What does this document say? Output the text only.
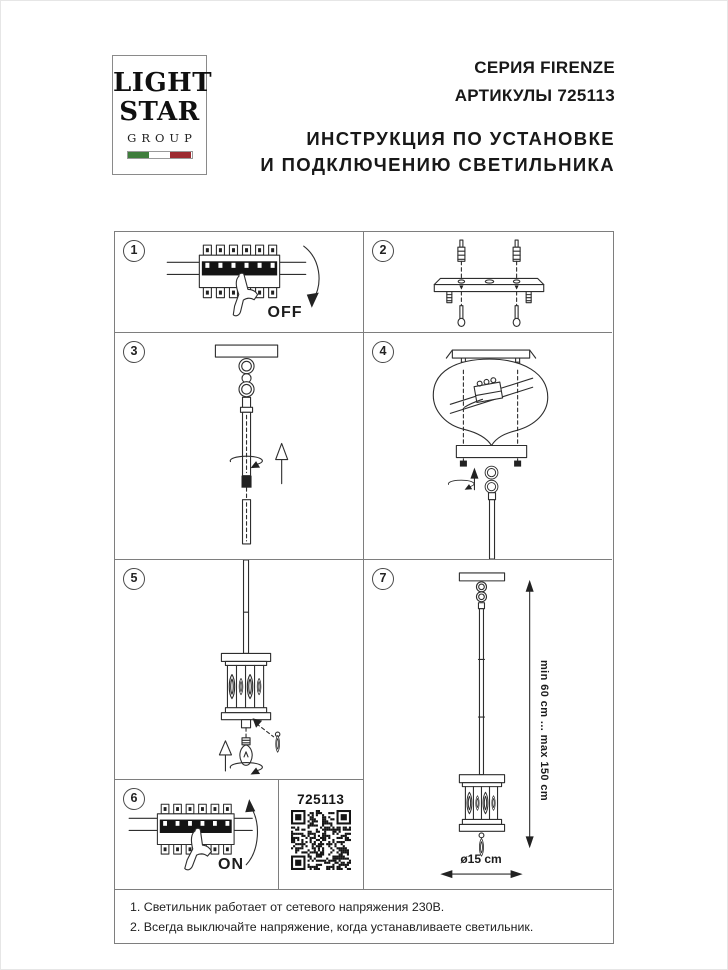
LIGHT
STAR
GROUP
СЕРИЯ FIRENZE
АРТИКУЛЫ 725113
ИНСТРУКЦИЯ ПО УСТАНОВКЕ
И ПОДКЛЮЧЕНИЮ СВЕТИЛЬНИКА
1
OFF
2
3	4
5	7
min 60 cm ... max 150 cm
ø15 cm
6
ON
725113
1. Светильник работает от сетевого напряжения 230В.
2. Всегда выключайте напряжение, когда устанавливаете светильник.
